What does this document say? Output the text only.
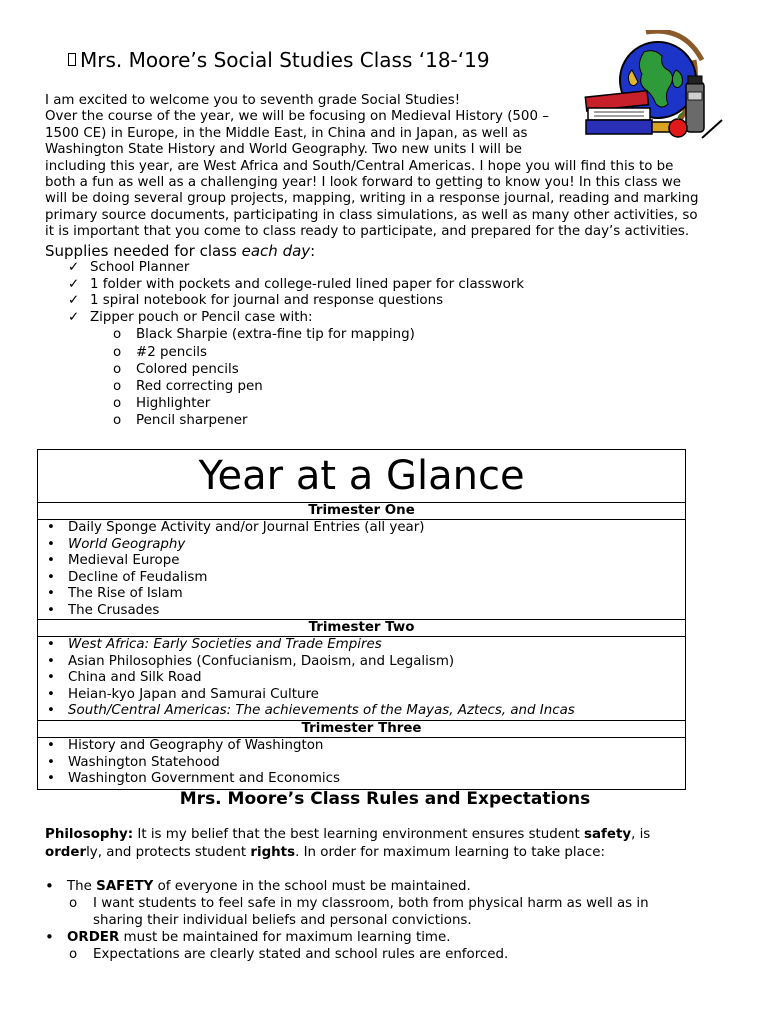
Mrs. Moore’s Social Studies Class ‘18-‘19

I am excited to welcome you to seventh grade Social Studies!

Over the course of the year, we will be focusing on Medieval History (500 –

1500 CE) in Europe, in the Middle East, in China and in Japan, as well as

Washington State History and World Geography. Two new units I will be

including this year, are West Africa and South/Central Americas. I hope you will find this to be

both a fun as well as a challenging year! I look forward to getting to know you! In this class we

will be doing several group projects, mapping, writing in a response journal, reading and marking

primary source documents, participating in class simulations, as well as many other activities, so

it is important that you come to class ready to participate, and prepared for the day’s activities.

Supplies needed for class each day:
✓ School Planner
✓ 1 folder with pockets and college-ruled lined paper for classwork
✓ 1 spiral notebook for journal and response questions
✓ Zipper pouch or Pencil case with:
o Black Sharpie (extra-fine tip for mapping)
o #2 pencils
o Colored pencils
o Red correcting pen
o Highlighter
o Pencil sharpener
Year at a Glance
Trimester One
• Daily Sponge Activity and/or Journal Entries (all year)
• World Geography
• Medieval Europe
• Decline of Feudalism
• The Rise of Islam
• The Crusades
Trimester Two
• West Africa: Early Societies and Trade Empires
• Asian Philosophies (Confucianism, Daoism, and Legalism)
• China and Silk Road
• Heian-kyo Japan and Samurai Culture
• South/Central Americas: The achievements of the Mayas, Aztecs, and Incas
Trimester Three
• History and Geography of Washington
• Washington Statehood
• Washington Government and Economics
Mrs. Moore’s Class Rules and Expectations

Philosophy: It is my belief that the best learning environment ensures student safety, is

orderly, and protects student rights. In order for maximum learning to take place:

• The SAFETY of everyone in the school must be maintained.
o I want students to feel safe in my classroom, both from physical harm as well as in
sharing their individual beliefs and personal convictions.
• ORDER must be maintained for maximum learning time.
o Expectations are clearly stated and school rules are enforced.
